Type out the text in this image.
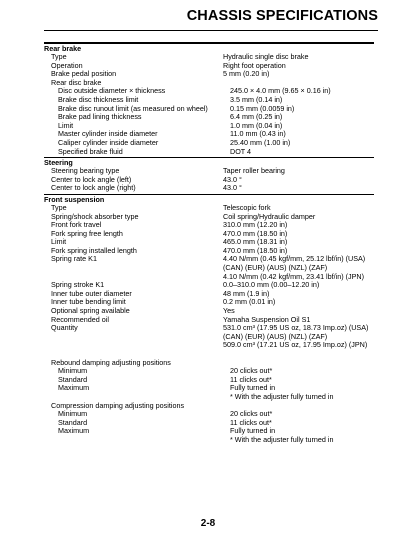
CHASSIS SPECIFICATIONS
Rear brake
Type	Hydraulic single disc brake
Operation	Right foot operation
Brake pedal position	5 mm (0.20 in)
Rear disc brake
Disc outside diameter × thickness	245.0 × 4.0 mm (9.65 × 0.16 in)
Brake disc thickness limit	3.5 mm (0.14 in)
Brake disc runout limit (as measured on wheel)	0.15 mm (0.0059 in)
Brake pad lining thickness	6.4 mm (0.25 in)
Limit	1.0 mm (0.04 in)
Master cylinder inside diameter	11.0 mm (0.43 in)
Caliper cylinder inside diameter	25.40 mm (1.00 in)
Specified brake fluid	DOT 4
Steering
Steering bearing type	Taper roller bearing
Center to lock angle (left)	43.0 °
Center to lock angle (right)	43.0 °
Front suspension
Type	Telescopic fork
Spring/shock absorber type	Coil spring/Hydraulic damper
Front fork travel	310.0 mm (12.20 in)
Fork spring free length	470.0 mm (18.50 in)
Limit	465.0 mm (18.31 in)
Fork spring installed length	470.0 mm (18.50 in)
Spring rate K1	4.40 N/mm (0.45 kgf/mm, 25.12 lbf/in) (USA)
(CAN) (EUR) (AUS) (NZL) (ZAF)
4.10 N/mm (0.42 kgf/mm, 23.41 lbf/in) (JPN)
Spring stroke K1	0.0–310.0 mm (0.00–12.20 in)
Inner tube outer diameter	48 mm (1.9 in)
Inner tube bending limit	0.2 mm (0.01 in)
Optional spring available	Yes
Recommended oil	Yamaha Suspension Oil S1
Quantity	531.0 cm³ (17.95 US oz, 18.73 Imp.oz) (USA)
(CAN) (EUR) (AUS) (NZL) (ZAF)
509.0 cm³ (17.21 US oz, 17.95 Imp.oz) (JPN)
Rebound damping adjusting positions
Minimum	20 clicks out*
Standard	11 clicks out*
Maximum	Fully turned in
* With the adjuster fully turned in
Compression damping adjusting positions
Minimum	20 clicks out*
Standard	11 clicks out*
Maximum	Fully turned in
* With the adjuster fully turned in
2-8
